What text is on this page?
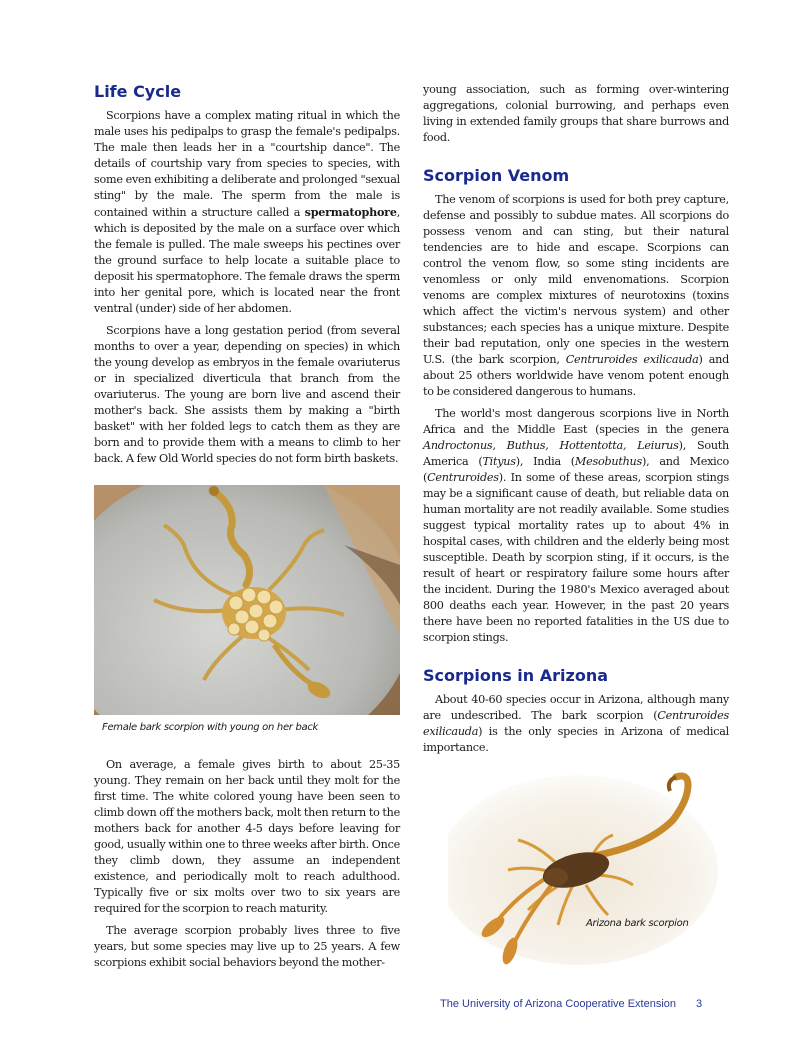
Life Cycle

Scorpions have a complex mating ritual in which the male uses his pedipalps to grasp the female's pedipalps. The male then leads her in a "courtship dance". The details of courtship vary from species to species, with some even exhibiting a deliberate and prolonged "sexual sting" by the male. The sperm from the male is contained within a structure called a spermatophore, which is deposited by the male on a surface over which the female is pulled. The male sweeps his pectines over the ground surface to help locate a suitable place to deposit his spermatophore. The female draws the sperm into her genital pore, which is located near the front ventral (under) side of her abdomen.

Scorpions have a long gestation period (from several months to over a year, depending on species) in which the young develop as embryos in the female ovariuterus or in specialized diverticula that branch from the ovariuterus. The young are born live and ascend their mother's back. She assists them by making a "birth basket" with her folded legs to catch them as they are born and to provide them with a means to climb to her back. A few Old World species do not form birth baskets.

Female bark scorpion with young on her back

On average, a female gives birth to about 25-35 young. They remain on her back until they molt for the first time. The white colored young have been seen to climb down off the mothers back, molt then return to the mothers back for another 4-5 days before leaving for good, usually within one to three weeks after birth. Once they climb down, they assume an independent existence, and periodically molt to reach adulthood. Typically five or six molts over two to six years are required for the scorpion to reach maturity.

The average scorpion probably lives three to five years, but some species may live up to 25 years. A few scorpions exhibit social behaviors beyond the mother-

young association, such as forming over-wintering aggregations, colonial burrowing, and perhaps even living in extended family groups that share burrows and food.

Scorpion Venom

The venom of scorpions is used for both prey capture, defense and possibly to subdue mates. All scorpions do possess venom and can sting, but their natural tendencies are to hide and escape. Scorpions can control the venom flow, so some sting incidents are venomless or only mild envenomations. Scorpion venoms are complex mixtures of neurotoxins (toxins which affect the victim's nervous system) and other substances; each species has a unique mixture. Despite their bad reputation, only one species in the western U.S. (the bark scorpion, Centruroides exilicauda) and about 25 others worldwide have venom potent enough to be considered dangerous to humans.

The world's most dangerous scorpions live in North Africa and the Middle East (species in the genera Androctonus, Buthus, Hottentotta, Leiurus), South America (Tityus), India (Mesobuthus), and Mexico (Centruroides). In some of these areas, scorpion stings may be a significant cause of death, but reliable data on human mortality are not readily available. Some studies suggest typical mortality rates up to about 4% in hospital cases, with children and the elderly being most susceptible. Death by scorpion sting, if it occurs, is the result of heart or respiratory failure some hours after the incident. During the 1980's Mexico averaged about 800 deaths each year. However, in the past 20 years there have been no reported fatalities in the US due to scorpion stings.

Scorpions in Arizona

About 40-60 species occur in Arizona, although many are undescribed. The bark scorpion (Centruroides exilicauda) is the only species in Arizona of medical importance.

Arizona bark scorpion
The University of Arizona Cooperative Extension 3
